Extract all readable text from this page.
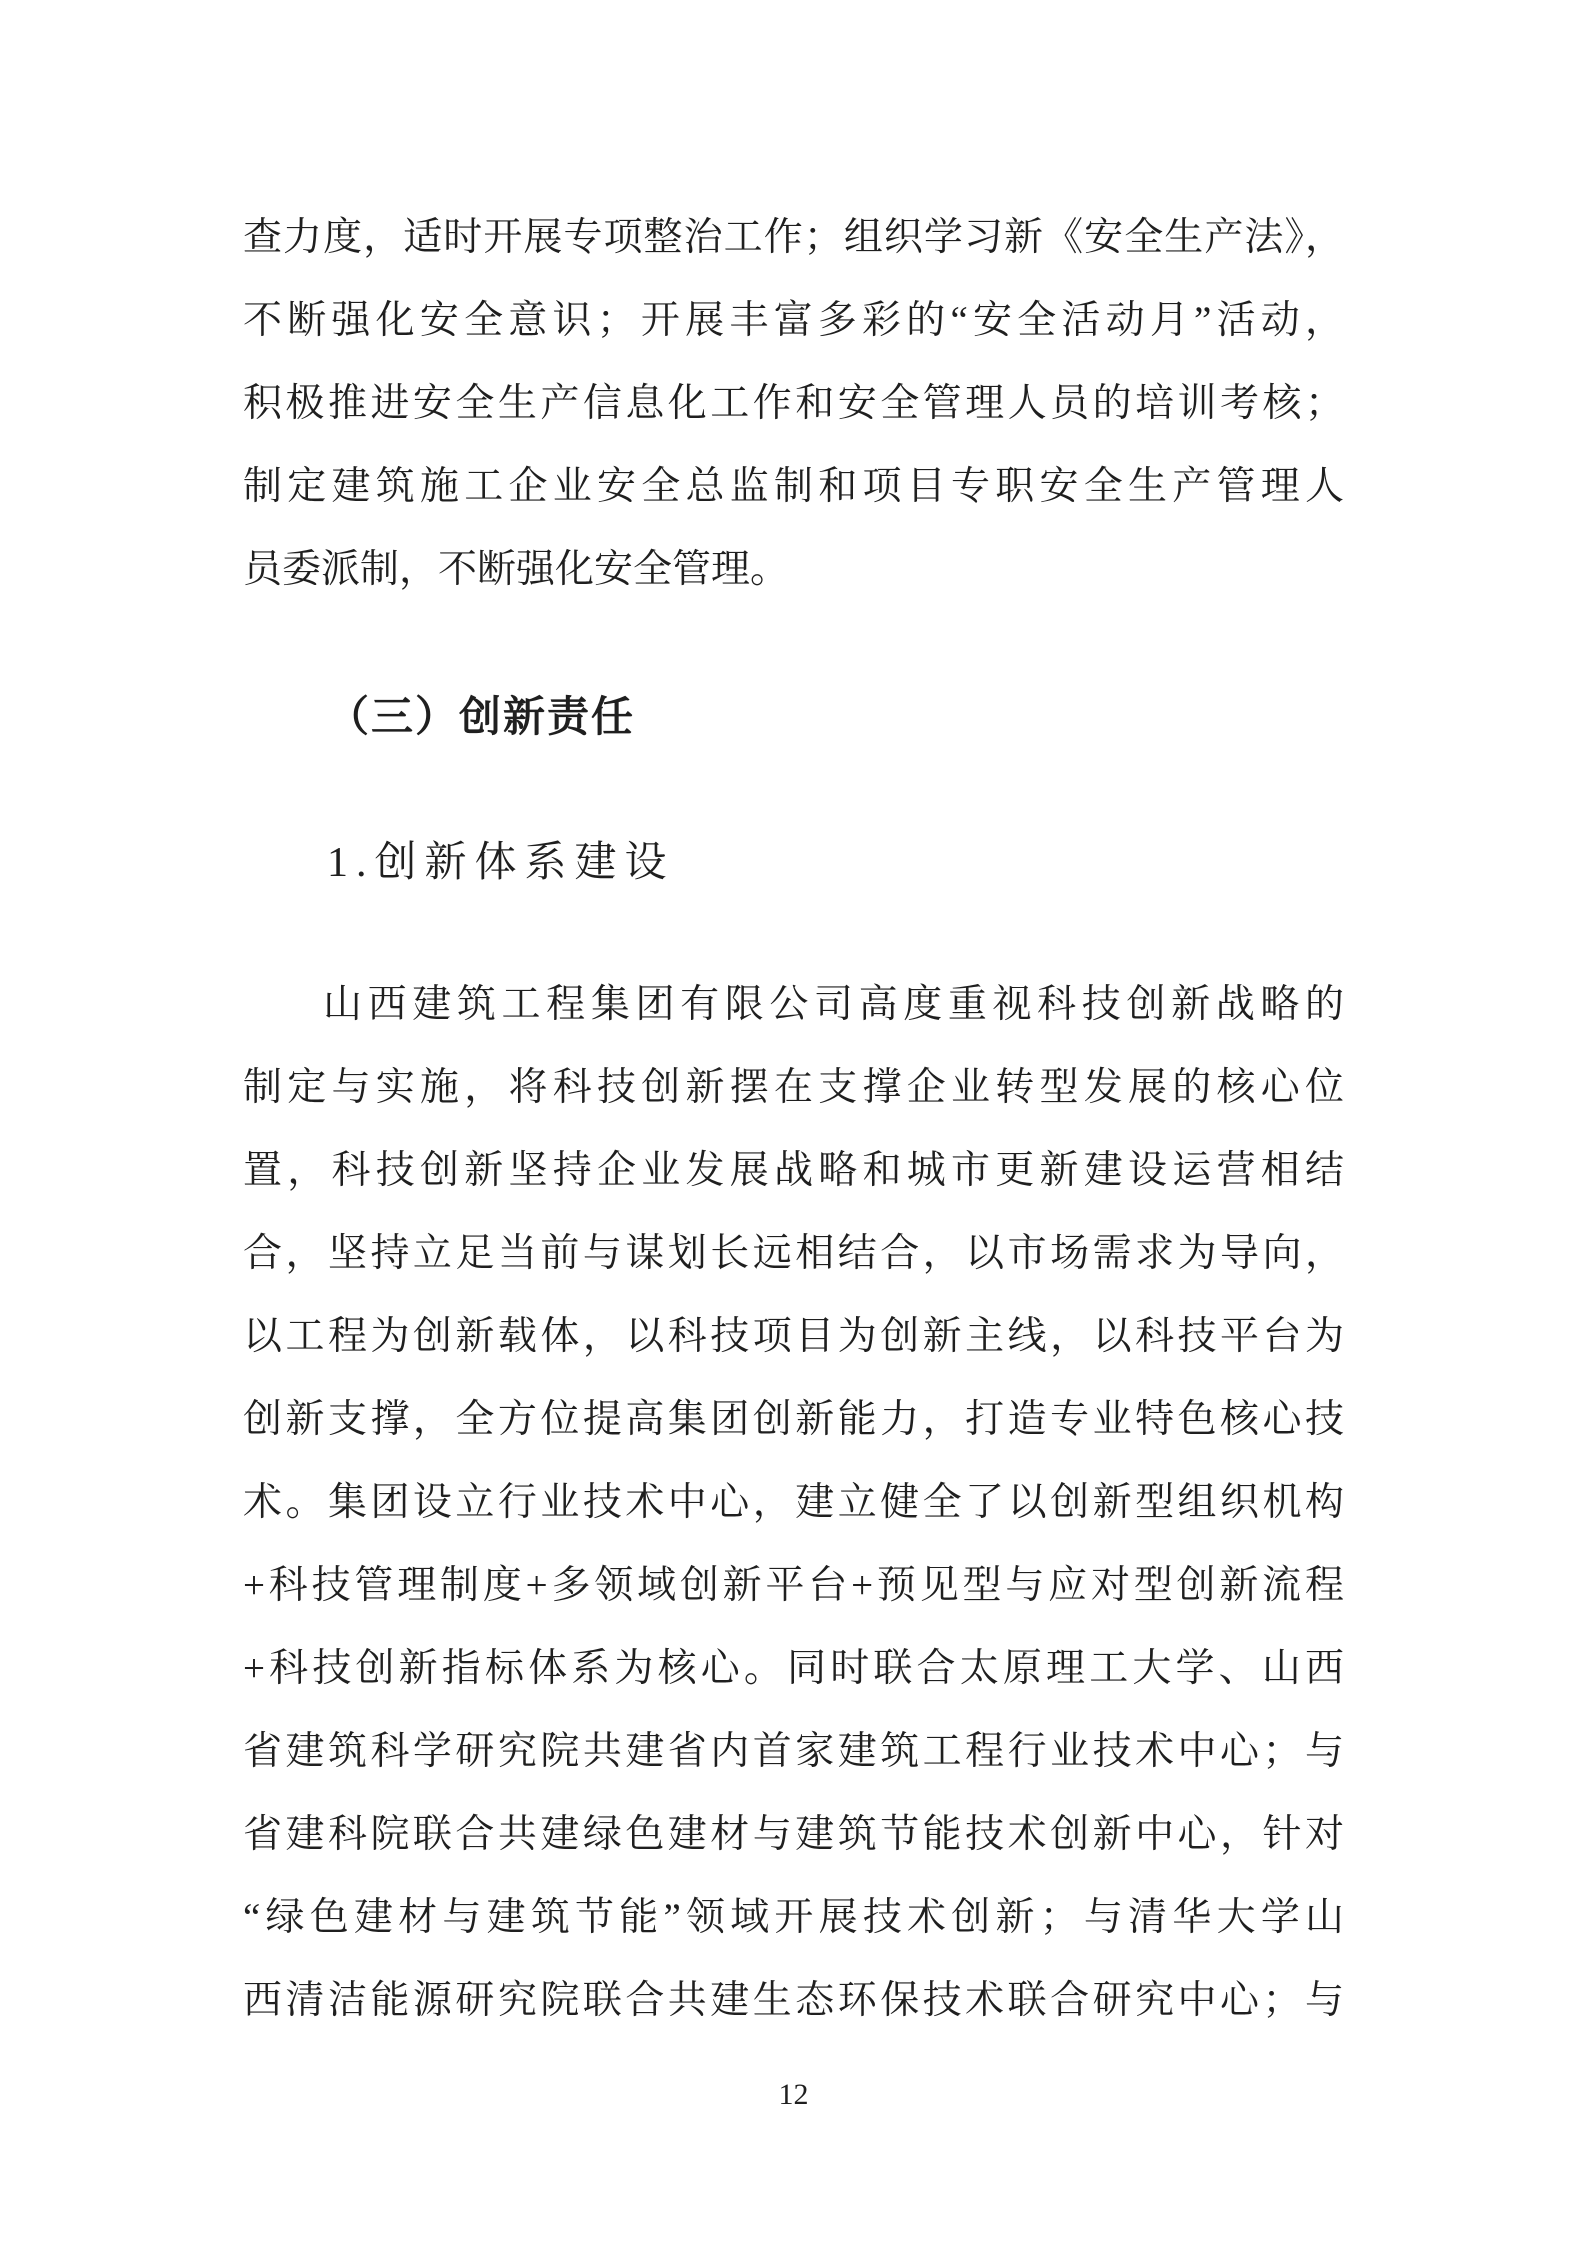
查力度，适时开展专项整治工作；组织学习新《安全生产法》，
不断强化安全意识；开展丰富多彩的“安全活动月”活动，
积极推进安全生产信息化工作和安全管理人员的培训考核；
制定建筑施工企业安全总监制和项目专职安全生产管理人
员委派制，不断强化安全管理。
（三）创新责任
1.创新体系建设
山西建筑工程集团有限公司高度重视科技创新战略的
制定与实施，将科技创新摆在支撑企业转型发展的核心位
置，科技创新坚持企业发展战略和城市更新建设运营相结
合，坚持立足当前与谋划长远相结合，以市场需求为导向，
以工程为创新载体，以科技项目为创新主线，以科技平台为
创新支撑，全方位提高集团创新能力，打造专业特色核心技
术。集团设立行业技术中心，建立健全了以创新型组织机构
+科技管理制度+多领域创新平台+预见型与应对型创新流程
+科技创新指标体系为核心。同时联合太原理工大学、山西
省建筑科学研究院共建省内首家建筑工程行业技术中心；与
省建科院联合共建绿色建材与建筑节能技术创新中心，针对
“绿色建材与建筑节能”领域开展技术创新；与清华大学山
西清洁能源研究院联合共建生态环保技术联合研究中心；与
12
